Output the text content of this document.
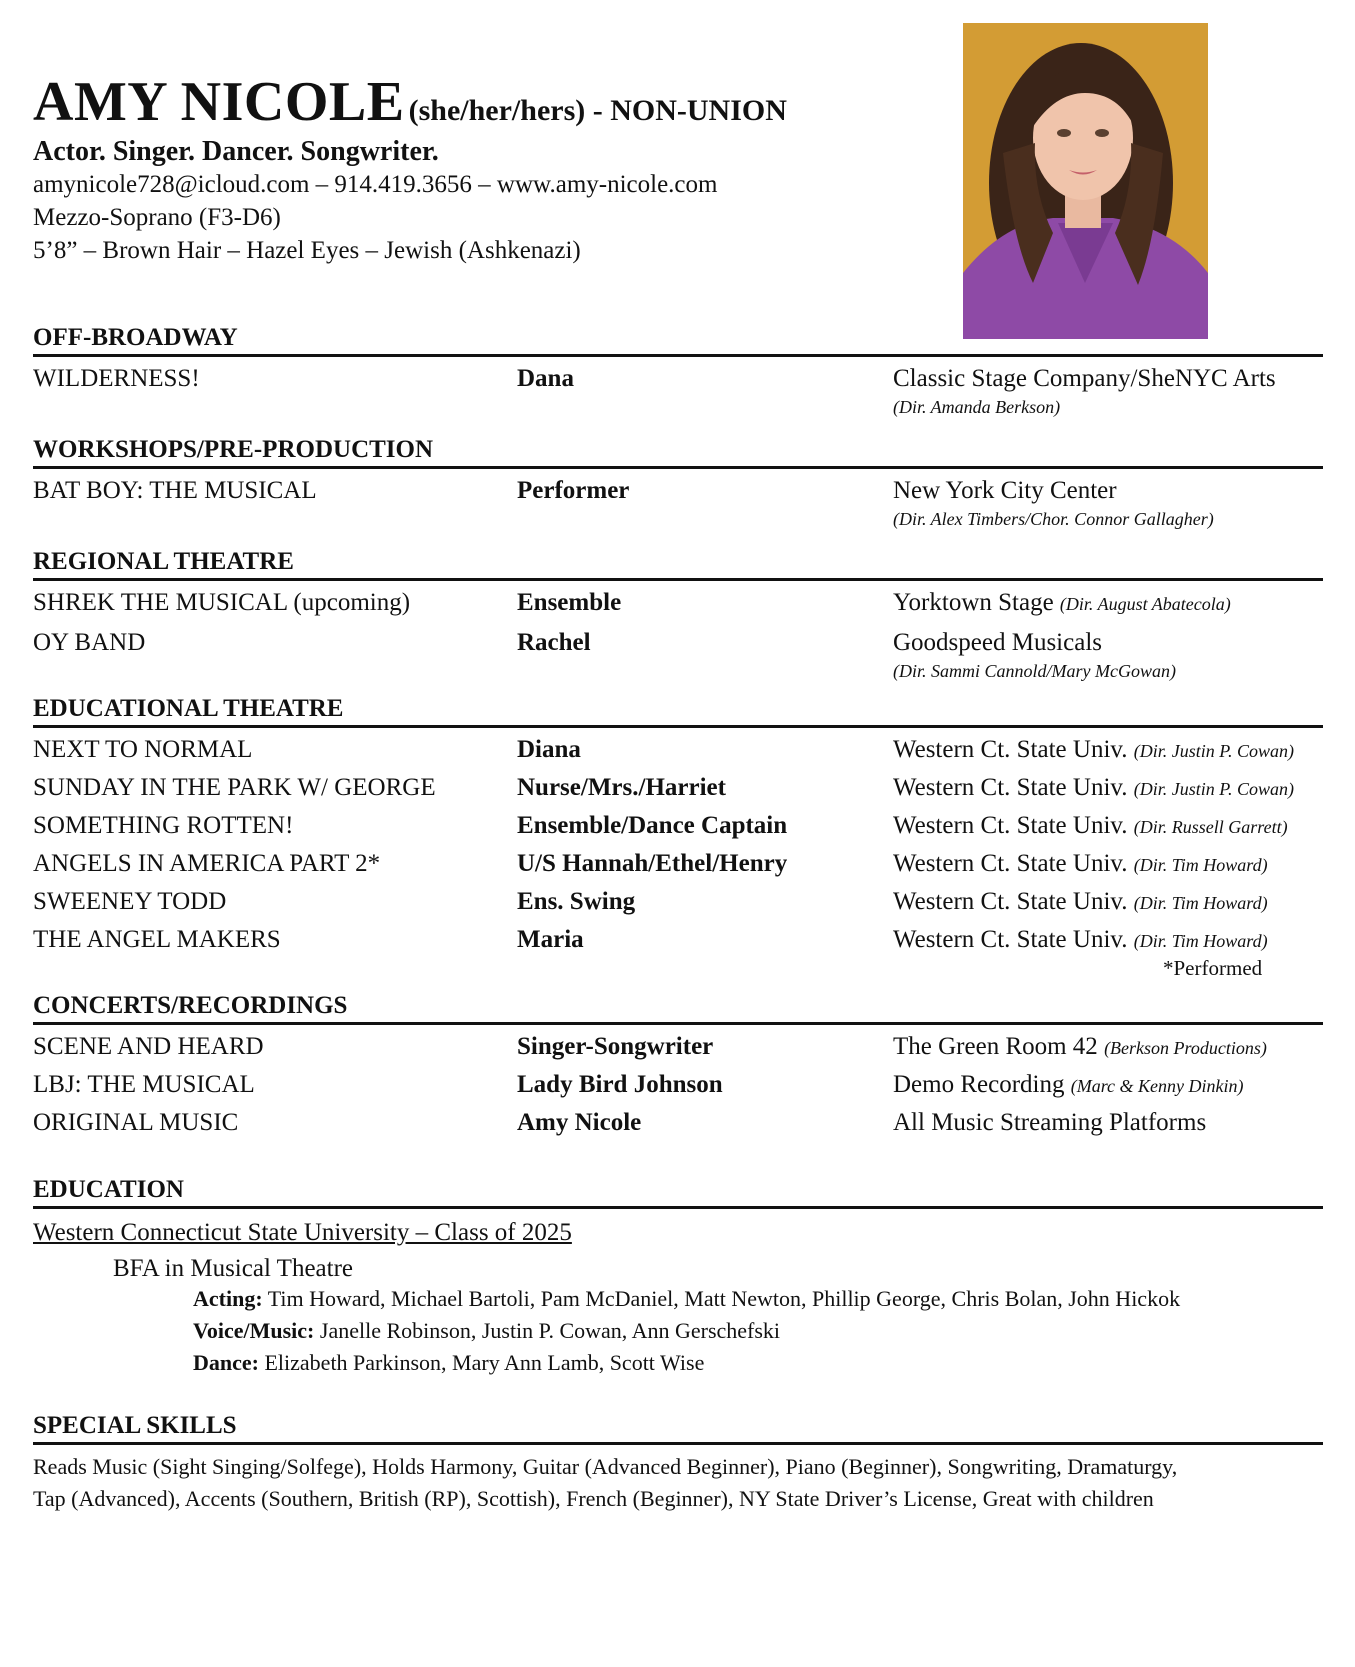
AMY NICOLE (she/her/hers) - NON-UNION
Actor. Singer. Dancer. Songwriter.
amynicole728@icloud.com – 914.419.3656 – www.amy-nicole.com
Mezzo-Soprano (F3-D6)
5’8” – Brown Hair – Hazel Eyes – Jewish (Ashkenazi)
OFF-BROADWAY
WILDERNESS!	Dana	Classic Stage Company/SheNYC Arts
(Dir. Amanda Berkson)
WORKSHOPS/PRE-PRODUCTION
BAT BOY: THE MUSICAL	Performer	New York City Center
(Dir. Alex Timbers/Chor. Connor Gallagher)
REGIONAL THEATRE
SHREK THE MUSICAL (upcoming)	Ensemble	Yorktown Stage (Dir. August Abatecola)
OY BAND	Rachel	Goodspeed Musicals
(Dir. Sammi Cannold/Mary McGowan)
EDUCATIONAL THEATRE
NEXT TO NORMAL	Diana	Western Ct. State Univ. (Dir. Justin P. Cowan)
SUNDAY IN THE PARK W/ GEORGE	Nurse/Mrs./Harriet	Western Ct. State Univ. (Dir. Justin P. Cowan)
SOMETHING ROTTEN!	Ensemble/Dance Captain	Western Ct. State Univ. (Dir. Russell Garrett)
ANGELS IN AMERICA PART 2*	U/S Hannah/Ethel/Henry	Western Ct. State Univ. (Dir. Tim Howard)
SWEENEY TODD	Ens. Swing	Western Ct. State Univ. (Dir. Tim Howard)
THE ANGEL MAKERS	Maria	Western Ct. State Univ. (Dir. Tim Howard)
*Performed
CONCERTS/RECORDINGS
SCENE AND HEARD	Singer-Songwriter	The Green Room 42 (Berkson Productions)
LBJ: THE MUSICAL	Lady Bird Johnson	Demo Recording (Marc & Kenny Dinkin)
ORIGINAL MUSIC	Amy Nicole	All Music Streaming Platforms
EDUCATION
Western Connecticut State University – Class of 2025
BFA in Musical Theatre
Acting: Tim Howard, Michael Bartoli, Pam McDaniel, Matt Newton, Phillip George, Chris Bolan, John Hickok
Voice/Music: Janelle Robinson, Justin P. Cowan, Ann Gerschefski
Dance: Elizabeth Parkinson, Mary Ann Lamb, Scott Wise
SPECIAL SKILLS
Reads Music (Sight Singing/Solfege), Holds Harmony, Guitar (Advanced Beginner), Piano (Beginner), Songwriting, Dramaturgy,
Tap (Advanced), Accents (Southern, British (RP), Scottish), French (Beginner), NY State Driver’s License, Great with children
